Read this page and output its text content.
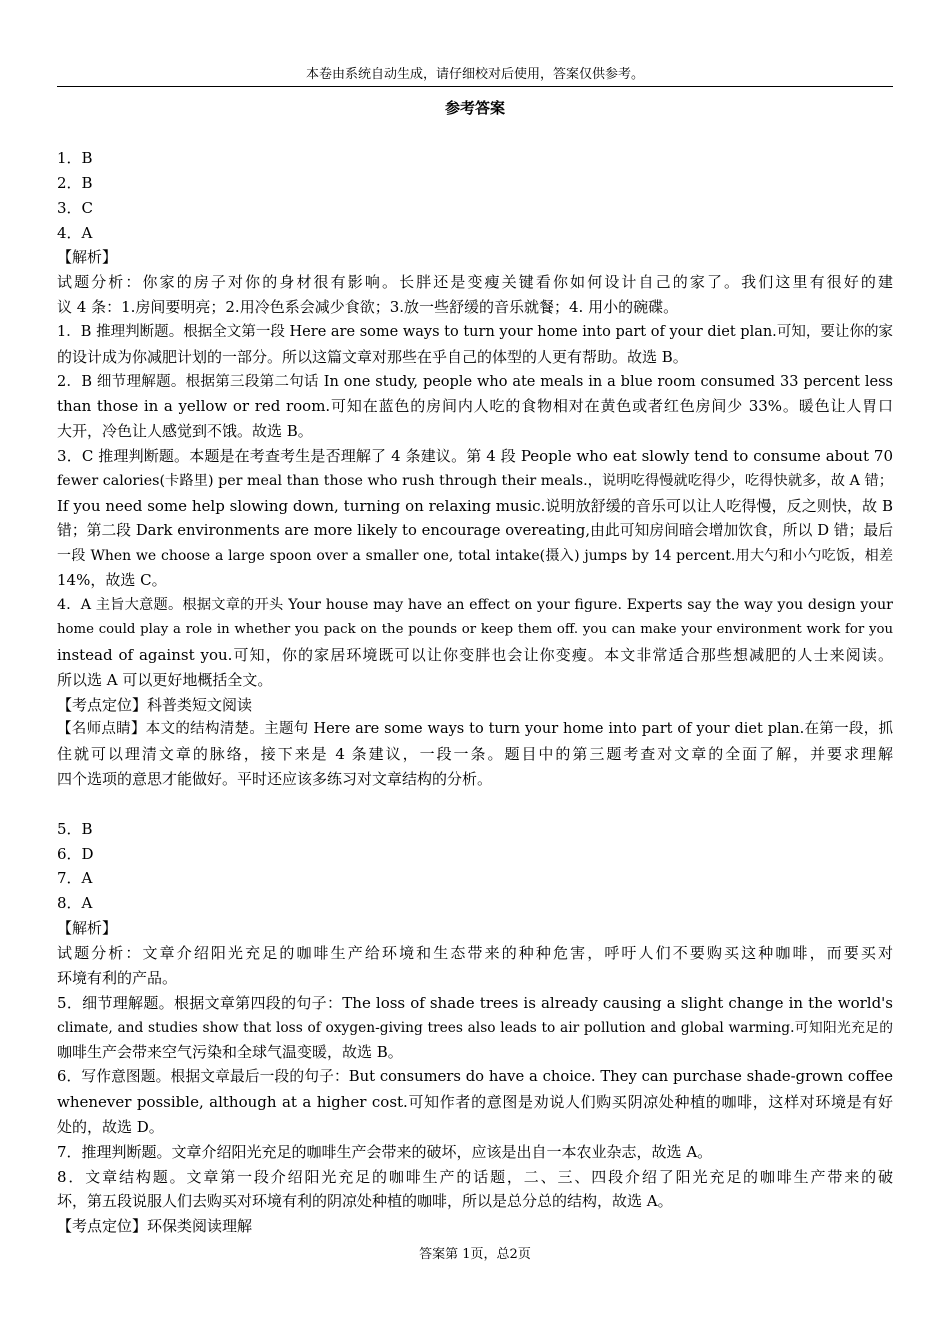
本卷由系统自动生成，请仔细校对后使用，答案仅供参考。
参考答案
1．B
2．B
3．C
4．A
【解析】
试题分析：你家的房子对你的身材很有影响。长胖还是变瘦关键看你如何设计自己的家了。我们这里有很好的建
议 4 条：1.房间要明亮；2.用冷色系会减少食欲；3.放一些舒缓的音乐就餐；4. 用小的碗碟。
1．B 推理判断题。根据全文第一段 Here are some ways to turn your home into part of your diet plan.可知，要让你的家
的设计成为你减肥计划的一部分。所以这篇文章对那些在乎自己的体型的人更有帮助。故选 B。
2．B 细节理解题。根据第三段第二句话 In one study, people who ate meals in a blue room consumed 33 percent less
than those in a yellow or red room.可知在蓝色的房间内人吃的食物相对在黄色或者红色房间少 33%。暖色让人胃口
大开，冷色让人感觉到不饿。故选 B。
3．C 推理判断题。本题是在考查考生是否理解了 4 条建议。第 4 段 People who eat slowly tend to consume about 70
fewer calories(卡路里) per meal than those who rush through their meals.，说明吃得慢就吃得少，吃得快就多，故 A 错；
If you need some help slowing down, turning on relaxing music.说明放舒缓的音乐可以让人吃得慢，反之则快，故 B
错；第二段 Dark environments are more likely to encourage overeating,由此可知房间暗会增加饮食，所以 D 错；最后
一段 When we choose a large spoon over a smaller one, total intake(摄入) jumps by 14 percent.用大勺和小勺吃饭，相差
14%，故选 C。
4．A 主旨大意题。根据文章的开头 Your house may have an effect on your figure. Experts say the way you design your
home could play a role in whether you pack on the pounds or keep them off. you can make your environment work for you
instead of against you.可知，你的家居环境既可以让你变胖也会让你变瘦。本文非常适合那些想减肥的人士来阅读。
所以选 A 可以更好地概括全文。
【考点定位】科普类短文阅读
【名师点睛】本文的结构清楚。主题句 Here are some ways to turn your home into part of your diet plan.在第一段，抓
住就可以理清文章的脉络，接下来是 4 条建议，一段一条。题目中的第三题考查对文章的全面了解，并要求理解
四个选项的意思才能做好。平时还应该多练习对文章结构的分析。
5．B
6．D
7．A
8．A
【解析】
试题分析：文章介绍阳光充足的咖啡生产给环境和生态带来的种种危害，呼吁人们不要购买这种咖啡，而要买对
环境有利的产品。
5．细节理解题。根据文章第四段的句子：The loss of shade trees is already causing a slight change in the world's
climate, and studies show that loss of oxygen-giving trees also leads to air pollution and global warming.可知阳光充足的
咖啡生产会带来空气污染和全球气温变暖，故选 B。
6．写作意图题。根据文章最后一段的句子：But consumers do have a choice. They can purchase shade-grown coffee
whenever possible, although at a higher cost.可知作者的意图是劝说人们购买阴凉处种植的咖啡，这样对环境是有好
处的，故选 D。
7．推理判断题。文章介绍阳光充足的咖啡生产会带来的破坏，应该是出自一本农业杂志，故选 A。
8．文章结构题。文章第一段介绍阳光充足的咖啡生产的话题，二、三、四段介绍了阳光充足的咖啡生产带来的破
坏，第五段说服人们去购买对环境有利的阴凉处种植的咖啡，所以是总分总的结构，故选 A。
【考点定位】环保类阅读理解
答案第 1页，总2页
